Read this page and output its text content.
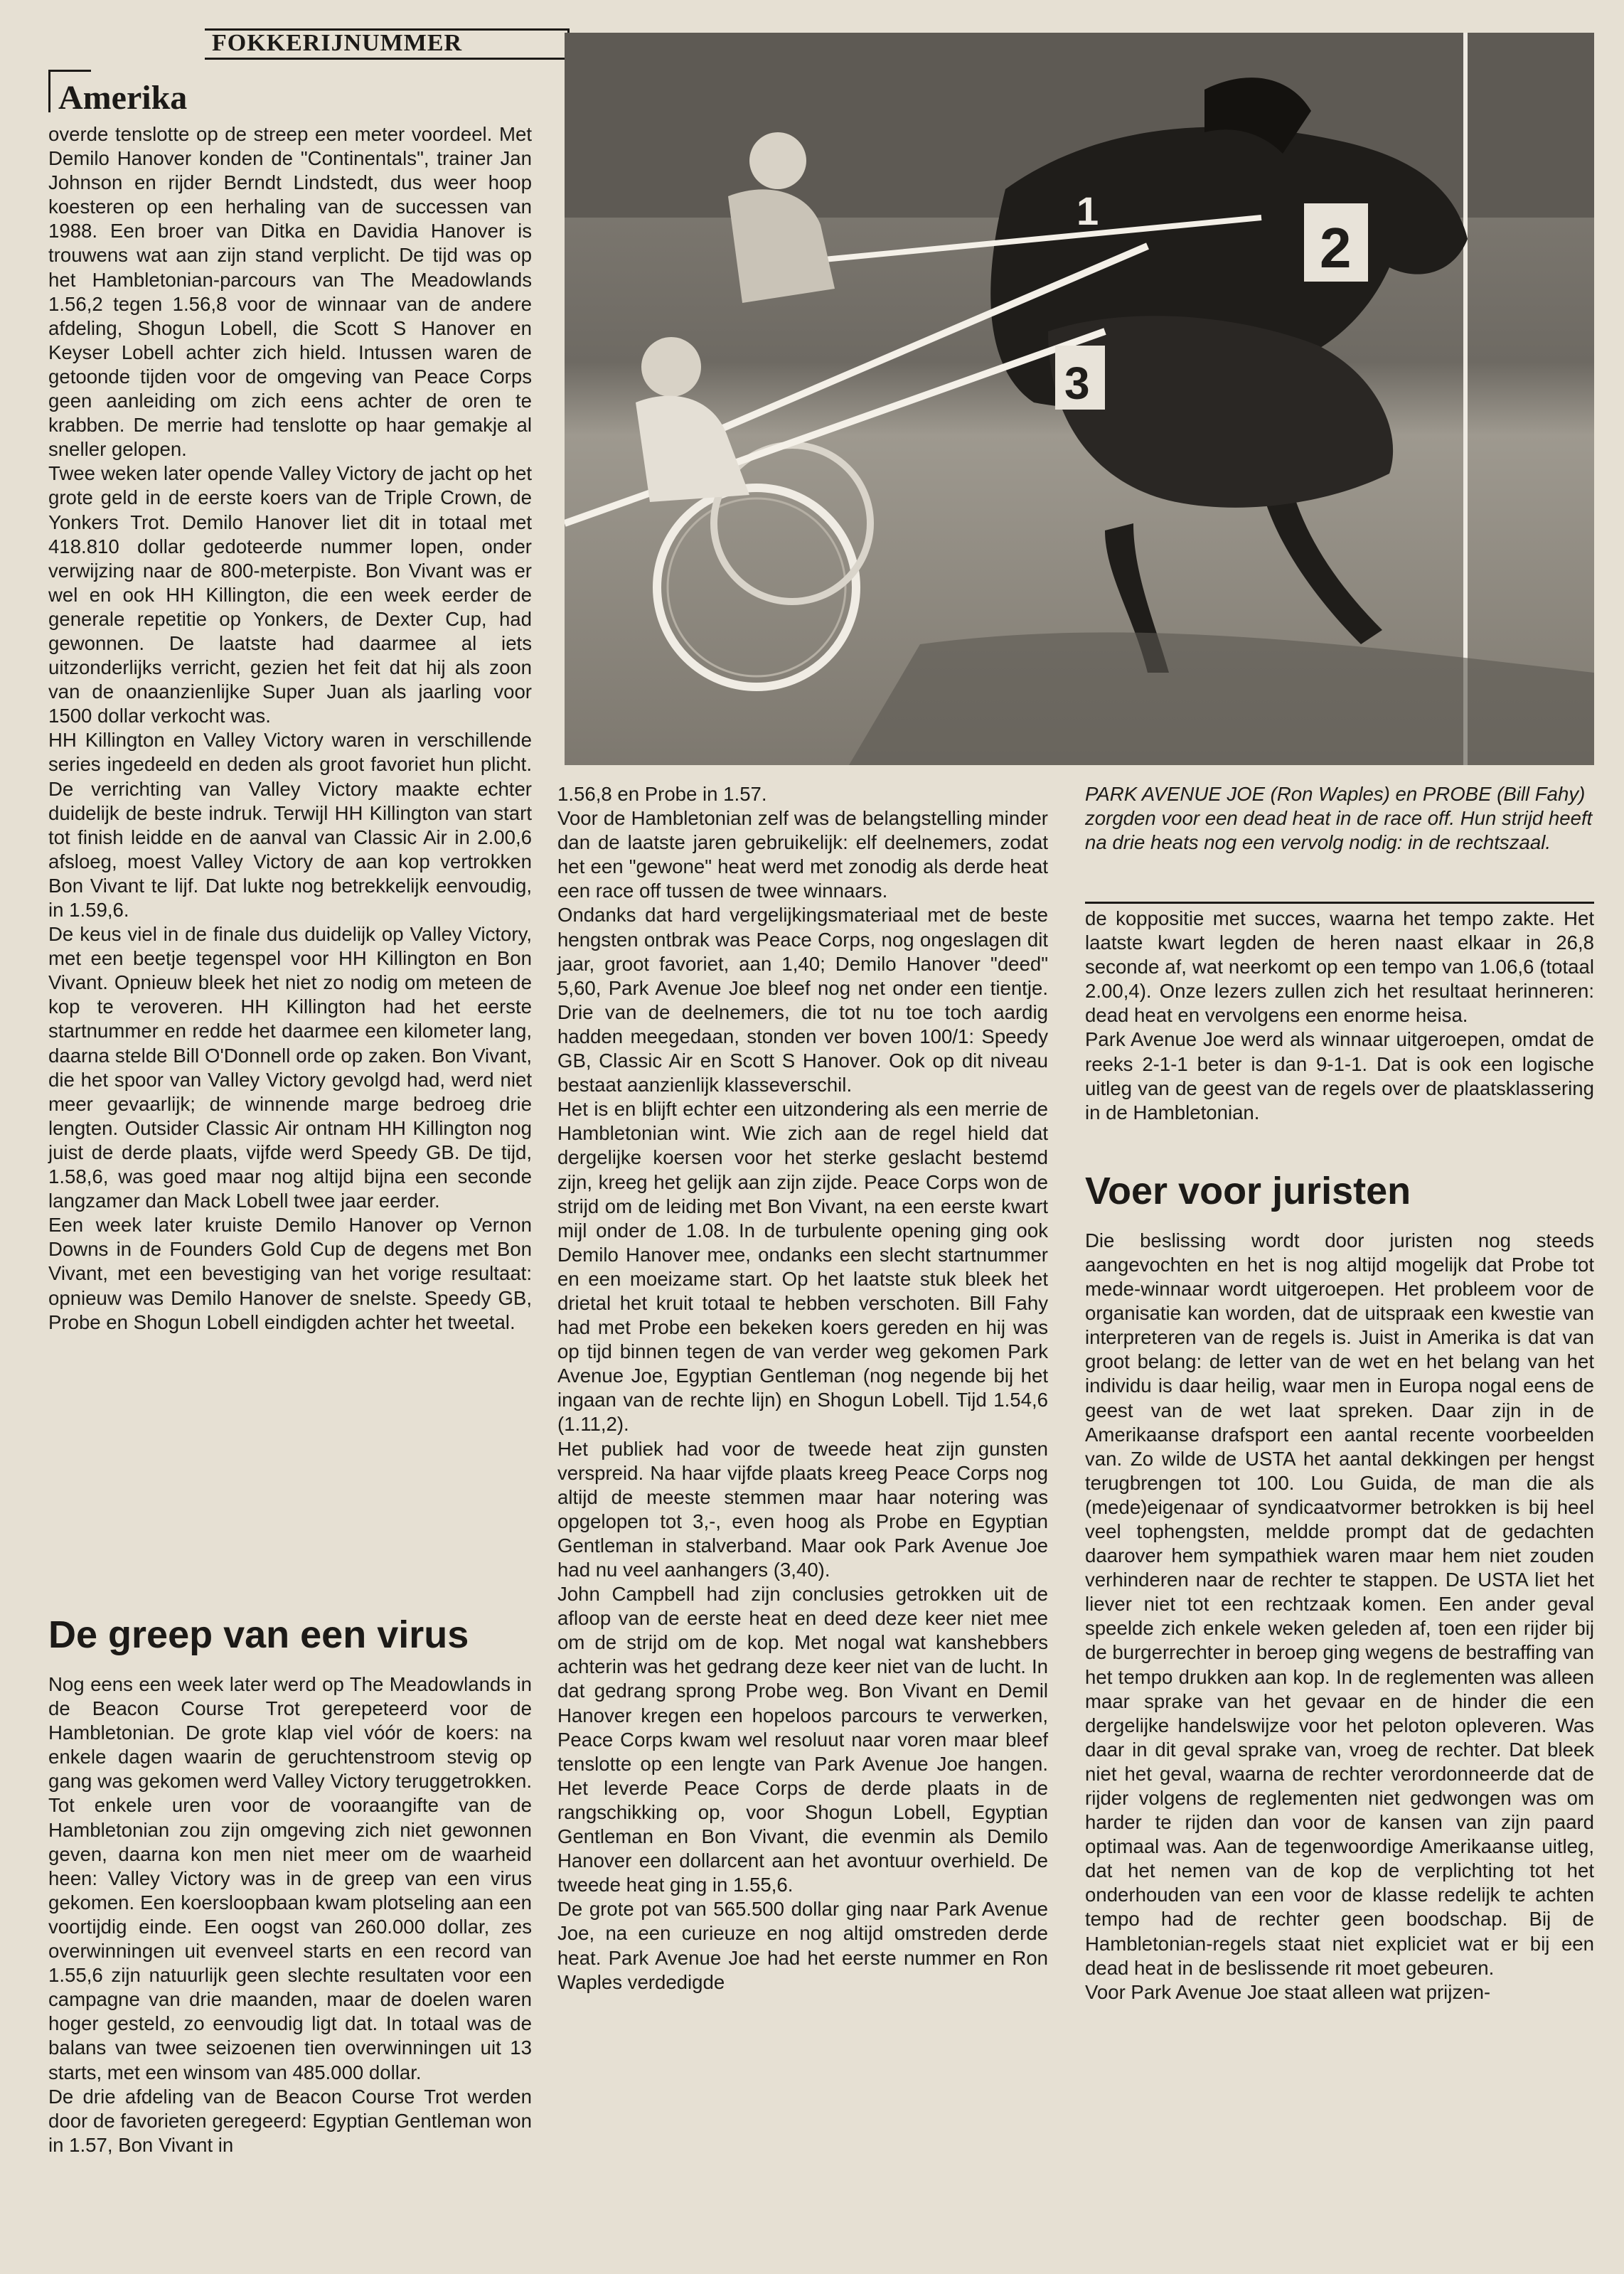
FOKKERIJNUMMER
Amerika
2
3
1

overde tenslotte op de streep een meter voordeel. Met Demilo Hanover konden de "Continentals", trainer Jan Johnson en rijder Berndt Lindstedt, dus weer hoop koesteren op een herhaling van de successen van 1988. Een broer van Ditka en Davidia Hanover is trouwens wat aan zijn stand verplicht. De tijd was op het Hambletonian-parcours van The Meadowlands 1.56,2 tegen 1.56,8 voor de winnaar van de andere afdeling, Shogun Lobell, die Scott S Hanover en Keyser Lobell achter zich hield. Intussen waren de getoonde tijden voor de omgeving van Peace Corps geen aanleiding om zich eens achter de oren te krabben. De merrie had tenslotte op haar gemakje al sneller gelopen.

Twee weken later opende Valley Victory de jacht op het grote geld in de eerste koers van de Triple Crown, de Yonkers Trot. Demilo Hanover liet dit in totaal met 418.810 dollar gedoteerde nummer lopen, onder verwijzing naar de 800-meterpiste. Bon Vivant was er wel en ook HH Killington, die een week eerder de generale repetitie op Yonkers, de Dexter Cup, had gewonnen. De laatste had daarmee al iets uitzonderlijks verricht, gezien het feit dat hij als zoon van de onaanzienlijke Super Juan als jaarling voor 1500 dollar verkocht was.

HH Killington en Valley Victory waren in verschillende series ingedeeld en deden als groot favoriet hun plicht. De verrichting van Valley Victory maakte echter duidelijk de beste indruk. Terwijl HH Killington van start tot finish leidde en de aanval van Classic Air in 2.00,6 afsloeg, moest Valley Victory de aan kop vertrokken Bon Vivant te lijf. Dat lukte nog betrekkelijk eenvoudig, in 1.59,6.

De keus viel in de finale dus duidelijk op Valley Victory, met een beetje tegenspel voor HH Killington en Bon Vivant. Opnieuw bleek het niet zo nodig om meteen de kop te veroveren. HH Killington had het eerste startnummer en redde het daarmee een kilometer lang, daarna stelde Bill O'Donnell orde op zaken. Bon Vivant, die het spoor van Valley Victory gevolgd had, werd niet meer gevaarlijk; de winnende marge bedroeg drie lengten. Outsider Classic Air ontnam HH Killington nog juist de derde plaats, vijfde werd Speedy GB. De tijd, 1.58,6, was goed maar nog altijd bijna een seconde langzamer dan Mack Lobell twee jaar eerder.

Een week later kruiste Demilo Hanover op Vernon Downs in de Founders Gold Cup de degens met Bon Vivant, met een bevestiging van het vorige resultaat: opnieuw was Demilo Hanover de snelste. Speedy GB, Probe en Shogun Lobell eindigden achter het tweetal.

De greep van een virus

Nog eens een week later werd op The Meadowlands in de Beacon Course Trot gerepeteerd voor de Hambletonian. De grote klap viel vóór de koers: na enkele dagen waarin de geruchtenstroom stevig op gang was gekomen werd Valley Victory teruggetrokken. Tot enkele uren voor de vooraangifte van de Hambletonian zou zijn omgeving zich niet gewonnen geven, daarna kon men niet meer om de waarheid heen: Valley Victory was in de greep van een virus gekomen. Een koersloopbaan kwam plotseling aan een voortijdig einde. Een oogst van 260.000 dollar, zes overwinningen uit evenveel starts en een record van 1.55,6 zijn natuurlijk geen slechte resultaten voor een campagne van drie maanden, maar de doelen waren hoger gesteld, zo eenvoudig ligt dat. In totaal was de balans van twee seizoenen tien overwinningen uit 13 starts, met een winsom van 485.000 dollar.

De drie afdeling van de Beacon Course Trot werden door de favorieten geregeerd: Egyptian Gentleman won in 1.57, Bon Vivant in

1.56,8 en Probe in 1.57.

Voor de Hambletonian zelf was de belangstelling minder dan de laatste jaren gebruikelijk: elf deelnemers, zodat het een "gewone" heat werd met zonodig als derde heat een race off tussen de twee winnaars.

Ondanks dat hard vergelijkingsmateriaal met de beste hengsten ontbrak was Peace Corps, nog ongeslagen dit jaar, groot favoriet, aan 1,40; Demilo Hanover "deed" 5,60, Park Avenue Joe bleef nog net onder een tientje. Drie van de deelnemers, die tot nu toe toch aardig hadden meegedaan, stonden ver boven 100/1: Speedy GB, Classic Air en Scott S Hanover. Ook op dit niveau bestaat aanzienlijk klasseverschil.

Het is en blijft echter een uitzondering als een merrie de Hambletonian wint. Wie zich aan de regel hield dat dergelijke koersen voor het sterke geslacht bestemd zijn, kreeg het gelijk aan zijn zijde. Peace Corps won de strijd om de leiding met Bon Vivant, na een eerste kwart mijl onder de 1.08. In de turbulente opening ging ook Demilo Hanover mee, ondanks een slecht startnummer en een moeizame start. Op het laatste stuk bleek het drietal het kruit totaal te hebben verschoten. Bill Fahy had met Probe een bekeken koers gereden en hij was op tijd binnen tegen de van verder weg gekomen Park Avenue Joe, Egyptian Gentleman (nog negende bij het ingaan van de rechte lijn) en Shogun Lobell. Tijd 1.54,6 (1.11,2).

Het publiek had voor de tweede heat zijn gunsten verspreid. Na haar vijfde plaats kreeg Peace Corps nog altijd de meeste stemmen maar haar notering was opgelopen tot 3,-, even hoog als Probe en Egyptian Gentleman in stalverband. Maar ook Park Avenue Joe had nu veel aanhangers (3,40).

John Campbell had zijn conclusies getrokken uit de afloop van de eerste heat en deed deze keer niet mee om de strijd om de kop. Met nogal wat kanshebbers achterin was het gedrang deze keer niet van de lucht. In dat gedrang sprong Probe weg. Bon Vivant en Demil Hanover kregen een hopeloos parcours te verwerken, Peace Corps kwam wel resoluut naar voren maar bleef tenslotte op een lengte van Park Avenue Joe hangen. Het leverde Peace Corps de derde plaats in de rangschikking op, voor Shogun Lobell, Egyptian Gentleman en Bon Vivant, die evenmin als Demilo Hanover een dollarcent aan het avontuur overhield. De tweede heat ging in 1.55,6.

De grote pot van 565.500 dollar ging naar Park Avenue Joe, na een curieuze en nog altijd omstreden derde heat. Park Avenue Joe had het eerste nummer en Ron Waples verdedigde

PARK AVENUE JOE (Ron Waples) en PROBE (Bill Fahy) zorgden voor een dead heat in de race off. Hun strijd heeft na drie heats nog een vervolg nodig: in de rechtszaal.

de koppositie met succes, waarna het tempo zakte. Het laatste kwart legden de heren naast elkaar in 26,8 seconde af, wat neerkomt op een tempo van 1.06,6 (totaal 2.00,4). Onze lezers zullen zich het resultaat herinneren: dead heat en vervolgens een enorme heisa.

Park Avenue Joe werd als winnaar uitgeroepen, omdat de reeks 2-1-1 beter is dan 9-1-1. Dat is ook een logische uitleg van de geest van de regels over de plaatsklassering in de Hambletonian.

Voer voor juristen

Die beslissing wordt door juristen nog steeds aangevochten en het is nog altijd mogelijk dat Probe tot mede-winnaar wordt uitgeroepen. Het probleem voor de organisatie kan worden, dat de uitspraak een kwestie van interpreteren van de regels is. Juist in Amerika is dat van groot belang: de letter van de wet en het belang van het individu is daar heilig, waar men in Europa nogal eens de geest van de wet laat spreken. Daar zijn in de Amerikaanse drafsport een aantal recente voorbeelden van. Zo wilde de USTA het aantal dekkingen per hengst terugbrengen tot 100. Lou Guida, de man die als (mede)eigenaar of syndicaatvormer betrokken is bij heel veel tophengsten, meldde prompt dat de gedachten daarover hem sympathiek waren maar hem niet zouden verhinderen naar de rechter te stappen. De USTA liet het liever niet tot een rechtzaak komen. Een ander geval speelde zich enkele weken geleden af, toen een rijder bij de burgerrechter in beroep ging wegens de bestraffing van het tempo drukken aan kop. In de reglementen was alleen maar sprake van het gevaar en de hinder die een dergelijke handelswijze voor het peloton opleveren. Was daar in dit geval sprake van, vroeg de rechter. Dat bleek niet het geval, waarna de rechter verordonneerde dat de rijder volgens de reglementen niet gedwongen was om harder te rijden dan voor de kansen van zijn paard optimaal was. Aan de tegenwoordige Amerikaanse uitleg, dat het nemen van de kop de verplichting tot het onderhouden van een voor de klasse redelijk te achten tempo had de rechter geen boodschap. Bij de Hambletonian-regels staat niet expliciet wat er bij een dead heat in de beslissende rit moet gebeuren.

Voor Park Avenue Joe staat alleen wat prijzen-
